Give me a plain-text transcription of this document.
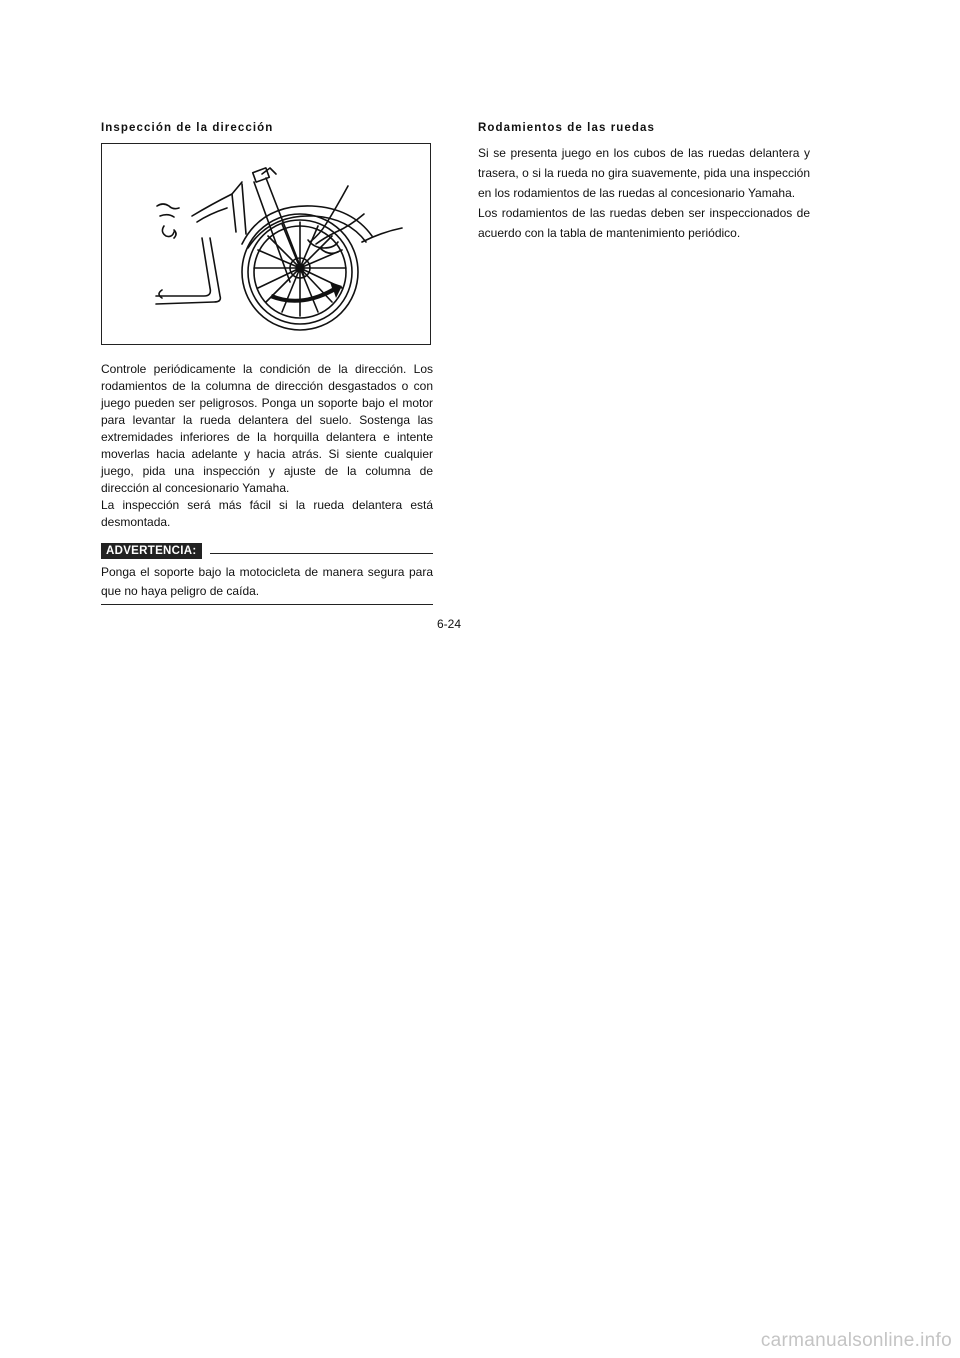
Inspección de la dirección

Controle periódicamente la condición de la dirección. Los rodamientos de la columna de dirección desgastados o con juego pueden ser peligrosos. Ponga un soporte bajo el motor para levantar la rueda delantera del suelo. Sostenga las extremidades inferiores de la horquilla delantera e intente moverlas hacia adelante y hacia atrás. Si siente cualquier juego, pida una inspección y ajuste de la columna de dirección al concesionario Yamaha.

La inspección será más fácil si la rueda delantera está desmontada.

ADVERTENCIA:

Ponga el soporte bajo la motocicleta de manera segura para que no haya peligro de caída.

Rodamientos de las ruedas

Si se presenta juego en los cubos de las ruedas delantera y trasera, o si la rueda no gira suavemente, pida una inspección en los rodamientos de las ruedas al concesionario Yamaha.

Los rodamientos de las ruedas deben ser inspeccionados de acuerdo con la tabla de mantenimiento periódico.

6-24
carmanualsonline.info
